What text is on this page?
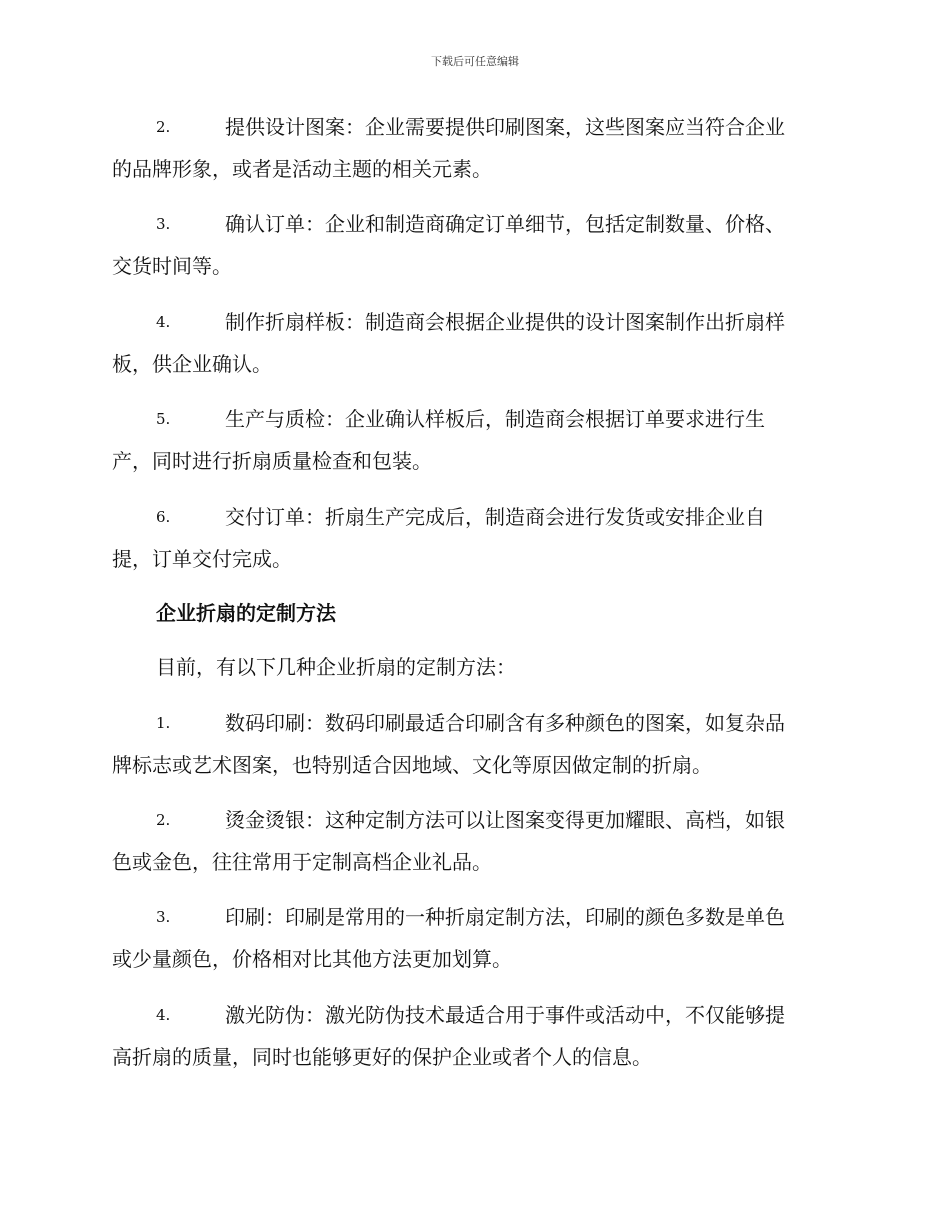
下载后可任意编辑
2.	提供设计图案：企业需要提供印刷图案，这些图案应当符合企业
的品牌形象，或者是活动主题的相关元素。
3.	确认订单：企业和制造商确定订单细节，包括定制数量、价格、
交货时间等。
4.	制作折扇样板：制造商会根据企业提供的设计图案制作出折扇样
板，供企业确认。
5.	生产与质检：企业确认样板后，制造商会根据订单要求进行生
产，同时进行折扇质量检查和包装。
6.	交付订单：折扇生产完成后，制造商会进行发货或安排企业自
提，订单交付完成。
企业折扇的定制方法
目前，有以下几种企业折扇的定制方法：
1.	数码印刷：数码印刷最适合印刷含有多种颜色的图案，如复杂品
牌标志或艺术图案，也特别适合因地域、文化等原因做定制的折扇。
2.	烫金烫银：这种定制方法可以让图案变得更加耀眼、高档，如银
色或金色，往往常用于定制高档企业礼品。
3.	印刷：印刷是常用的一种折扇定制方法，印刷的颜色多数是单色
或少量颜色，价格相对比其他方法更加划算。
4.	激光防伪：激光防伪技术最适合用于事件或活动中，不仅能够提
高折扇的质量，同时也能够更好的保护企业或者个人的信息。
